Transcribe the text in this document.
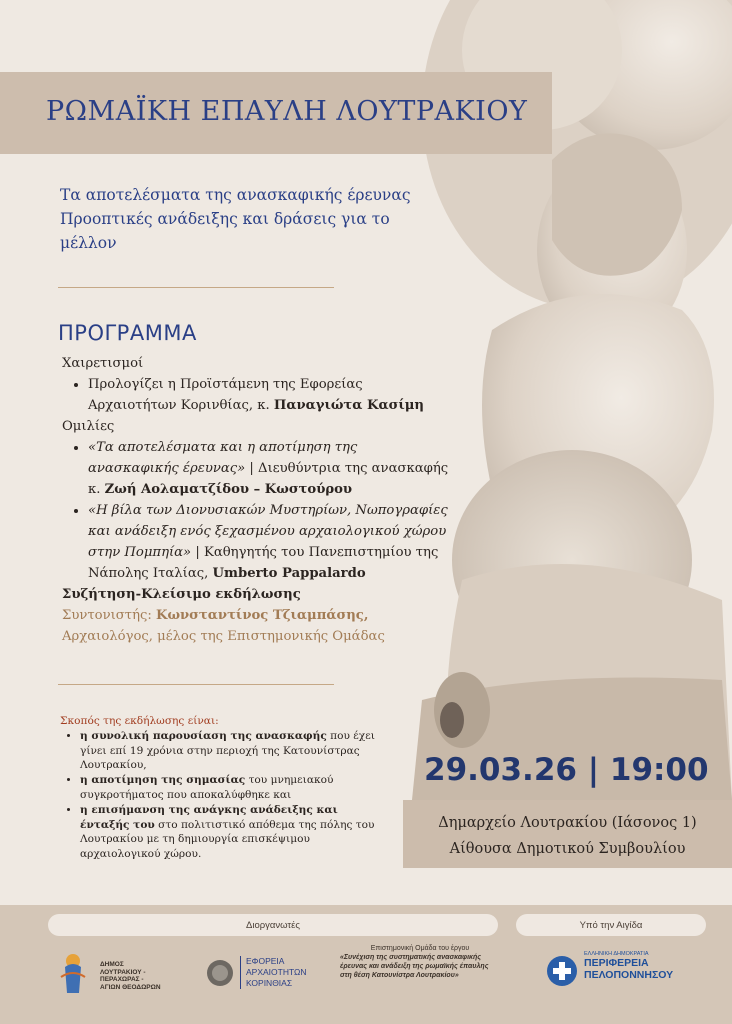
ΡΩΜΑΪΚΗ ΕΠΑΥΛΗ ΛΟΥΤΡΑΚΙΟΥ
Τα αποτελέσματα της ανασκαφικής έρευνας
Προοπτικές ανάδειξης και δράσεις για το μέλλον
ΠΡΟΓΡΑΜΜΑ
Χαιρετισμοί
• Προλογίζει η Προϊστάμενη της Εφορείας Αρχαιοτήτων Κορινθίας, κ. Παναγιώτα Κασίμη
Ομιλίες
• «Τα αποτελέσματα και η αποτίμηση της ανασκαφικής έρευνας» | Διευθύντρια της ανασκαφής κ. Ζωή Αολαματζίδου – Κωστούρου
• «Η βίλα των Διονυσιακών Μυστηρίων, Νωπογραφίες και ανάδειξη ενός ξεχασμένου αρχαιολογικού χώρου στην Πομπηία» | Καθηγητής του Πανεπιστημίου της Νάπολης Ιταλίας, Umberto Pappalardo
Συζήτηση-Κλείσιμο εκδήλωσης
Συντονιστής: Κωνσταντίνος Τζιαμπάσης,
Αρχαιολόγος, μέλος της Επιστημονικής Ομάδας
Σκοπός της εκδήλωσης είναι:
• η συνολική παρουσίαση της ανασκαφής που έχει γίνει επί 19 χρόνια στην περιοχή της Κατουνίστρας Λουτρακίου,
• η αποτίμηση της σημασίας του μνημειακού συγκροτήματος που αποκαλύφθηκε και
• η επισήμανση της ανάγκης ανάδειξης και ένταξής του στο πολιτιστικό απόθεμα της πόλης του Λουτρακίου με τη δημιουργία επισκέψιμου αρχαιολογικού χώρου.
29.03.26 | 19:00
Δημαρχείο Λουτρακίου (Ιάσονος 1)
Αίθουσα Δημοτικού Συμβουλίου
Διοργανωτές	Υπό την Αιγίδα
ΔΗΜΟΣ
ΛΟΥΤΡΑΚΙΟΥ -
ΠΕΡΑΧΩΡΑΣ -
ΑΓΙΩΝ ΘΕΟΔΩΡΩΝ
ΕΦΟΡΕΙΑ
ΑΡΧΑΙΟΤΗΤΩΝ
ΚΟΡΙΝΘΙΑΣ
Επιστημονική Ομάδα του έργου
«Συνέχιση της συστηματικής ανασκαφικής έρευνας και ανάδειξη της ρωμαϊκής έπαυλης στη θέση Κατουνίστρα Λουτρακίου»
ΕΛΛΗΝΙΚΗ ΔΗΜΟΚΡΑΤΙΑ
ΠΕΡΙΦΕΡΕΙΑ
ΠΕΛΟΠΟΝΝΗΣΟΥ
